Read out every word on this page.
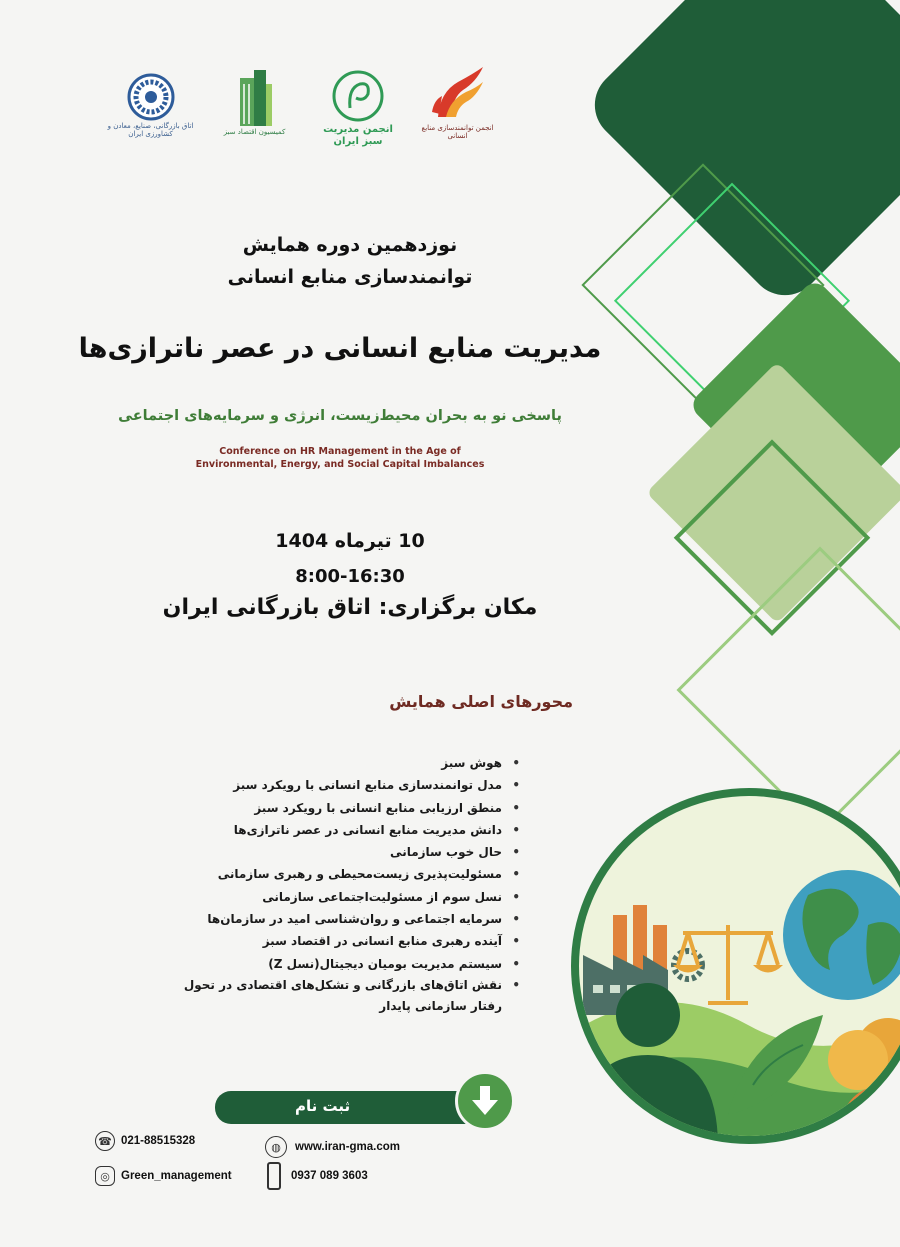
اتاق بازرگانی، صنایع، معادن و کشاورزی ایران	کمیسیون اقتصاد سبز	انجمن مدیریت سبز ایران
انجمن توانمندسازی منابع انسانی
نوزدهمین دوره همایش
توانمندسازی منابع انسانی
مدیریت منابع انسانی در عصر ناترازی‌ها
پاسخی نو به بحران محیط‌زیست، انرژی و سرمایه‌های اجتماعی
Conference on HR Management in the Age of
Environmental, Energy, and Social Capital Imbalances
10 تیرماه 1404
8:00-16:30
مکان برگزاری: اتاق بازرگانی ایران
محورهای اصلی همایش
• هوش سبز
• مدل توانمندسازی منابع انسانی با رویکرد سبز
• منطق ارزیابی منابع انسانی با رویکرد سبز
• دانش مدیریت منابع انسانی در عصر ناترازی‌ها
• حال خوب سازمانی
• مسئولیت‌پذیری زیست‌محیطی و رهبری سازمانی
• نسل سوم از مسئولیت‌اجتماعی سازمانی
• سرمایه اجتماعی و روان‌شناسی امید در سازمان‌ها
• آینده رهبری منابع انسانی در اقتصاد سبز
• سیستم مدیریت بومیان دیجیتال(نسل Z)
• نقش اتاق‌های بازرگانی و تشکل‌های اقتصادی در تحول رفتار سازمانی پایدار
ثبت نام
☎ 021-88515328	◍	www.iran-gma.com
◎ Green_management	0937 089 3603
